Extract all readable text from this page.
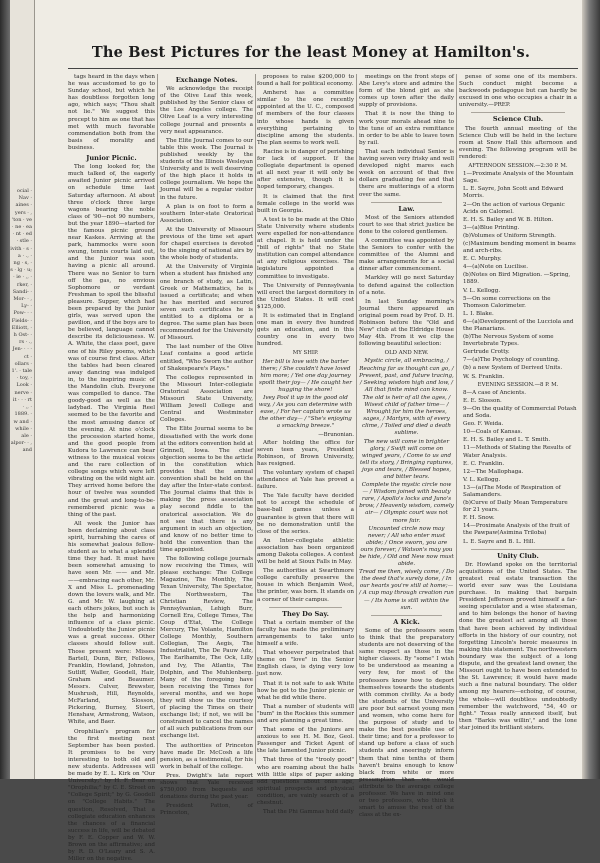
ocial · Nav · aines · yers · , 'ton · ve · ne · ea · nt · ed · stle · ivith · s · a · ., · ng · s, · s · lg · u; · ie · ,, · rker, · Sandi- · Mor- · , Ly- · Pow- · · Fields- · Elliott, · h Ost- · rs · ., Jen- · · · ct · ollars · 1'. · tale · toy, · Look · nerve · it · · · rt · ,, · 1889. · w and · while · ale · alpor- · , and
The Best Pictures for the least Money at Hamilton's.

tags heard in the days when he was accustomed to go to Sunday school, but which he has doubtless forgotten long ago, which says; "Thou shalt not lie." We suggest this precept to him as one that has met with much favorable commendation both from the basis of morality and business.

Junior Picnic.

The long looked for, the much talked of, the eagerly awaited Junior picnic arrived on schedule time last Saturday afternoon. At about three o'clock three large wagons bearing the noble class of '90—not 90 numbers, but the year 1890—started for the famous picnic ground near Kaskes. Arriving at the park, hammocks were soon swung, tennis courts laid out, and the Junior was soon having a picnic all around. There was no Senior to turn off the gas, no envious Sophomore or verdant Freshman to spoil the blissful pleasure. Supper, which had been prepared by the Junior girls, was served upon the pavilion, and if the boys are to be believed, language cannot describe its deliciousness. W. A. White, the class poet, gave one of his Riley poems, which was of course first class. After the tables had been cleared away dancing was indulged in, to the inspiring music of the Mandolin club. Everyone was compelled to dance. The goody-good as well as the ladybad. The Virginia Reel seemed to be the favorite and the most amusing dance of the evening. At nine o'clock the procession started home, and the good people from Kudora to Lawrence can bear witness to the musical voices and the rare collection of college songs which were left vibrating on the wild night air. They arrived home before the hour of twelve was sounded and the great and long-to-be-remembered picnic was a thing of the past.

All week the Junior has been declaiming about class spirit, hurrahing the cares of his somewhat jealous fellow-student as to what a splendid time they had. It must have been somewhat amusing to have seen Mr. —— and Mr. ——embracing each other, Mr. X and Miss L. promenading down the lovers walk, and Mr. G. and Mr. W. laughing at each others jokes, but such is the help and harmonizing influence of a class picnic. Undoubtedly the Junior picnic was a great success. Other classes should follow suit. Those present were: Misses Bartell, Dunn, Birr, Fellows, Franklin, Howland, Johnston, Sutliff, Waller, Goodell, Hair, Graham and Beaumer. Messrs. Culver, Brewster, Mushrush, Hill, Reynolds, McFarland, Slosson, Pickering, Burney, Stoert, Henshaw, Armstrong, Watson, White, and Baer.

Orophilian's program for the first meeting next September has been posted. It promises to be very interesting to both old and new students. Addresses will be made by E. L. Kirk on "Our University;" by H. F. Bear on "Orophilia;" by C. E. Street on "College Spirit;" by G. Goodell on "College Habits." The question, Resolved, That a collegiate education enhances the chances of a financial success in life, will be debated by F. E. Copper and W. W. Brown on the affirmative; and by R. D. O'Leary and S. A. Miller on the negative.

Exchange Notes.

We acknowledge the receipt of the Olive Leaf this week, published by the Senior class of the Los Angeles college. The Olive Leaf is a very interesting college journal and presents a very neat appearance.

The Elite Journal comes to our table this week. The Journal is published weekly by the students of the Illinois Wesleyan University and is well deserving of the high place it holds in college journalism. We hope the Journal will be a regular visitor in the future.

A plan is on foot to form a southern Inter-state Oratorical Association.

At the University of Missouri previous of the time set apart for chapel exercises is devoted to the singing of national airs by the whole body of students.

At the University of Virginia when a student has finished any one branch of study, as Latin, Greek or Mathematics, he is issued a certificate; and when he has merited and secured seven such certificates he is entitled to a diploma or a degree. The same plan has been recommended for the University of Missouri.

The last number of the Olive Leaf contains a good article entitled, "Who Sworn the author of Shakespeare's Plays."

The colleges represented in the Missouri Inter-collegiate Oratorical Association are Missouri State University, William Jewell College and Central and Westminster Colleges.

The Elite Journal seems to be dissatisfied with the work done at the editors convention held at Grinnell, Iowa. The chief objection seems to be the article in the constitution which provides that the annual convention shall be held on the day after the Inter-state contest. The Journal claims that this is making the press association play second fiddle to the oratorical association. We do not see that there is any argument in such an objection, and know of no better time to hold the convention than the time appointed.

The following college journals now receiving the Times, will please exchange: The College Magazine, The Monthly, The Texan University, The Spectator, The Northwestern, The Christian Review, The Pennsylvanian, Lehigh Burr, Cornell Era, College Times, The Coup d'Etat, The College Mercury, The Volante, Hamilton College Monthly, Southern Collegian, The Aegis, The Industrialist, The De Pauw Adz, The Earlhamite, The Ock, Lilly and Ivy, The Atlantis, The Dolphin, and The Muhlenberg. Many of the foregoing have been receiving the Times for several months, and we hope they will show us the courtesy of placing the Times on their exchange list; if not, we will be constrained to cancel the names of all such publications from our exchange list.

The authorities of Princeton have made Dr. McCosh a life pension, as a testimonial, for his work in behalf of the college.

Pres. Dwight's late report shows that Yale received $750,000 from bequests and donations during the past year.

President Patton, of Princeton,

proposes to raise $200,000 to found a hall for political economy.

Amherst has a committee similar to the one recently appointed at the U. C., composed of members of the four classes into whose hands is given everything pertaining to discipline among the students. The plan seems to work well.

Racine is in danger of perishing for lack of support. If the collegiate department is opened at all next year it will only be after extensive, though it is hoped temporary, changes.

It is claimed that the first female college in the world was built in Georgia.

A test is to be made at the Ohio State University where students were expelled for non-attendance at chapel. It is held under the "bill of rights" that no State institution can compel attendance at any religious exercises. The legislature appointed a committee to investigate.

The University of Pennsylvania will erect the largest dormitory in the United States. It will cost $125,000.

It is estimated that in England one man in every five hundred gets an education, and in this country one in every two hundred.

MY SHIP.
Her bill is love with the barter there; / She couldn't have loved him more; / Yet one day journey spoilt their joy— / He caught her hugging the shore!
Ivey Pool it up in the good old way, / As you can determine with ease, / For her captain wrote us the other day— / "She's enjoying a smacking breeze."
—Brunonian.

After holding the office for seven teen years, President Robinson, of Brown University, has resigned.

The voluntary system of chapel attendance at Yale has proved a failure.

The Yale faculty have decided not to accept the schedule of base-ball games unless a guarantee is given that there will be no demonstration until the close of the series.

An Inter-collegiate athletic association has been organized among Dakota colleges. A contest will be held at Sioux Falls in May.

The authorities at Swarthmore college carefully preserve the house in which Benjamin West, the printer, was born. It stands on a corner of their campus.

They Do Say.

That a certain member of the faculty has made the preliminary arrangements to take unto himself a wife.

That whoever perpetrated that theme on "love" in the Senior English class, is dying very low just now.

That it is not safe to ask White how he got to the Junior picnic or what he did while there.

That a number of students will "bum" in the Rockies this summer and are planning a great time.

That some of the Juniors are anxious to see H. M. Boz, Geol. Passenger and Ticket Agent of the late lamented Junior picnic.

That three of the "trooly good" who are roaming about the halls with little slips of paper asking odd questions about ones age, spiritual prospects and physical condition, are vainly search of a chestnut.

That the Phi Gammas hold daily

meetings on the front steps of Abe Levy's store and admire the form of the blond girl as she comes up town after the daily supply of provisions.

That it is now the thing to work your morals ahead nine to the tune of an extra remittance in order to be able to leave town by rail.

That each individual Senior is having seven very frisky and well developed night mares each week on account of that five dollars graduating fee and that there are mutterings of a storm over the same.

Law.

Most of the Seniors attended court to see that strict justice be done to the colored gentlemen.

A committee was appointed by the Seniors to confer with the committee of the Alumni and make arrangements for a social dinner after commencement.

Markley will go next Saturday to defend against the collection of a note.

In last Sunday morning's Journal there appeared an original poem read by Prof. D. H. Robinson before the "Old and New" club at the Eldridge House May 4th. From it we clip the following beautiful selection:

OLD AND NEW.
Mystic circle, all embracing, / Reaching far as thought can go, / Present, past, and future tracing, / Seeking wisdom high and low, / All that finite mind can know.
The old is heir of all the ages, / Wisest child of father time— / Wrought for him the heroes, sages, / Martyrs, with of every clime, / Toiled and died a death sublime.
The new will come in brighter glory, / Swift will come on winged years, / Come to us and tell its story, / Bringing raptures, joys and tears, / Blessed hopes, and bitter tears.
Complete the mystic circle now— / Wisdom joined with beauty rare, / Apollo's locks and Juno's brow, / Heavenly wisdom, comely air— / Olympic court was not more fair.
Uncounted circle now may never; / All who enter must abide; / Once sworn, you are ours forever, / Watson's may you be hide, / Old and New now must abide.
Tread me then, wisely come, / Do the deed that's surely done, / In our hearts you're still at home;— / A cup may through creation run— / Its home is still within the sun.
A Kick.

Some of the professors seem to think that the preparatory students are not deserving of the same respect as those in the higher classes. By "some" I wish to be understood as meaning a very few, for most of the professors know how to deport themselves towards the students with common civility. As a body the students of the University are poor but earnest young men and women, who come here for the purpose of study and to make the best possible use of their time; and for a professor to stand up before a class of such students and sneeringly inform them that nine tenths of them haven't brains enough to know black from white or more presumption than we would attribute to the average college professor. We have in mind one or two professors, who think it smart to amuse the rest of the class at the ex-

pense of some one of its members. Such conduct might become a backwoods pedagogue but can hardly be excused in one who occupies a chair in a university.—PREP.

Science Club.

The fourth annual meeting of the Science Club will be held in the lecture room at Snow Hall this afternoon and evening. The following program will be rendered:

AFTERNOON SESSION.—2:30 P. M.

1—Proximate Analysis of the Mountain Sage.

L. E. Sayre, John Scott and Edward Morris.

2—On the action of various Organic Acids on Calomel.

E. H. S. Bailey and W. B. Hilton.

3—(a)Blue Printing.

(b)Volumes of Uniform Strength.

(c)Maximum bending moment in beams and arch-ribs.

E. C. Murphy.

4—(a)Note on Lucilise.

(b)Notes on Bird Migration. —Spring, 1889.

V. L. Kellogg.

5—On some corrections on the Thomson Calorimeter.

L. I. Blake.

6—(a)Development of the Lucciola and the Planarians.

(b)The Nervous System of some Invertebrate Types.

Gertrude Crotty.

7—(a)The Psychology of counting.

(b) a new System of Derived Units.

W. S. Franklin.

EVENING SESSION.—8 P. M.

8—A case of Ancients.

E. E. Slosson.

9—On the quality of Commercial Potash and Soda.

Geo. F. Weida.

10—Coals of Kansas.

E. H. S. Bailey and L. T. Smith.

11—Methods of Stating the Results of Water Analysis.

E. C. Franklin.

12—The Mallophaga.

V. L. Kellogg.

13—(a)The Mode of Respiration of Salamanders.

(b)Curve of Daily Mean Temperature for 21 years.

F. H. Snow.

14—Proximate Analysis of the fruit of the Pawpaw(Asimina Triloba)

L. E. Sayre and B. L. Hill.

Unity Club.

Dr. Howland spoke on the territorial acquisitions of the United States. The greatest real estate transaction the world ever saw was the Louisiana purchase. In making that bargain President Jefferson proved himself a far-seeing speculator and a wise statesman, and to him belongs the honor of having done the greatest act among all those that have been achieved by individual efforts in the history of our country, not forgetting Lincoln's heroic measures in making this statement. The northwestern boundary was the subject of a long dispute, and the greatest land owner, the Missouri ought to have been extended to the St. Lawrence; it would have made such a fine natural boundary. The older among my hearers—echoing, of course, the whole—will doubtless undoubtedly remember the watchword, "54, 40 or fight." Texas really annexed itself, but then "Barkis was willin'," and the lone star joined its brilliant sisters.
